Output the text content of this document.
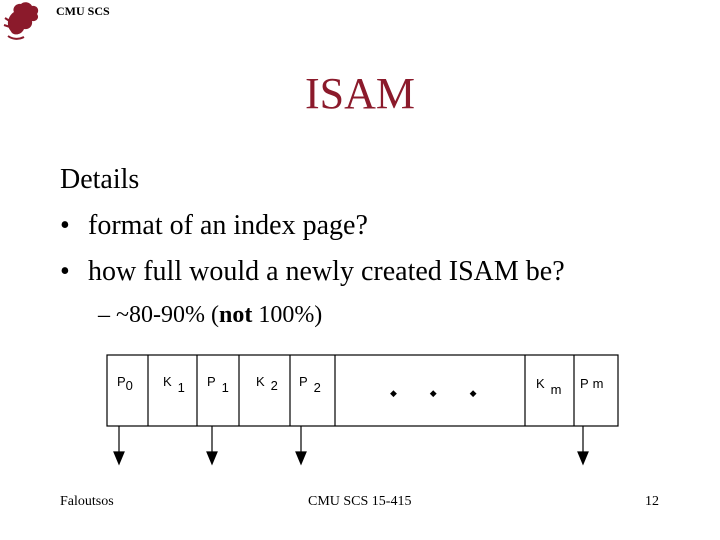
CMU SCS
ISAM
Details
• format of an index page?
• how full would a newly created ISAM be?
– ~80-90% (not 100%)
P0 K 1 P 1 K 2 P 2	K m P m
◆ ◆ ◆
Faloutsos	CMU SCS 15-415	12
